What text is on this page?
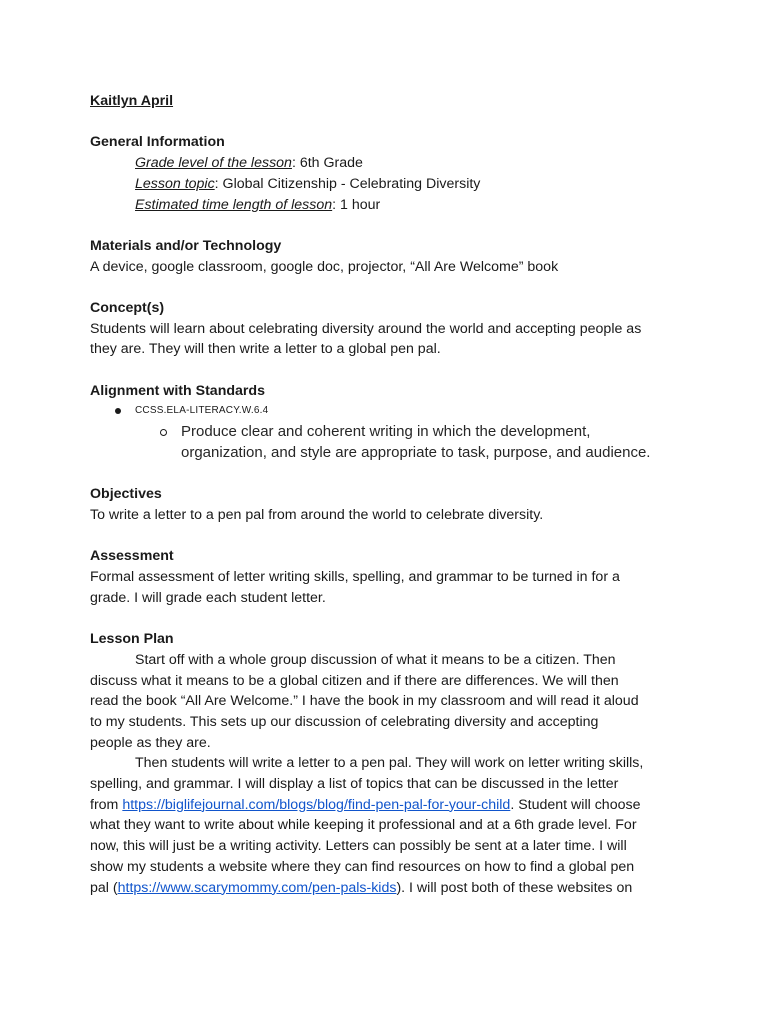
Kaitlyn April
General Information
Grade level of the lesson: 6th Grade
Lesson topic: Global Citizenship - Celebrating Diversity
Estimated time length of lesson: 1 hour
Materials and/or Technology
A device, google classroom, google doc, projector, “All Are Welcome” book
Concept(s)
Students will learn about celebrating diversity around the world and accepting people as
they are. They will then write a letter to a global pen pal.
Alignment with Standards
CCSS.ELA-LITERACY.W.6.4
Produce clear and coherent writing in which the development,
organization, and style are appropriate to task, purpose, and audience.
Objectives
To write a letter to a pen pal from around the world to celebrate diversity.
Assessment
Formal assessment of letter writing skills, spelling, and grammar to be turned in for a
grade. I will grade each student letter.
Lesson Plan
Start off with a whole group discussion of what it means to be a citizen. Then
discuss what it means to be a global citizen and if there are differences. We will then
read the book “All Are Welcome.” I have the book in my classroom and will read it aloud
to my students. This sets up our discussion of celebrating diversity and accepting
people as they are.
Then students will write a letter to a pen pal. They will work on letter writing skills,
spelling, and grammar. I will display a list of topics that can be discussed in the letter
from https://biglifejournal.com/blogs/blog/find-pen-pal-for-your-child. Student will choose
what they want to write about while keeping it professional and at a 6th grade level. For
now, this will just be a writing activity. Letters can possibly be sent at a later time. I will
show my students a website where they can find resources on how to find a global pen
pal (https://www.scarymommy.com/pen-pals-kids). I will post both of these websites on
